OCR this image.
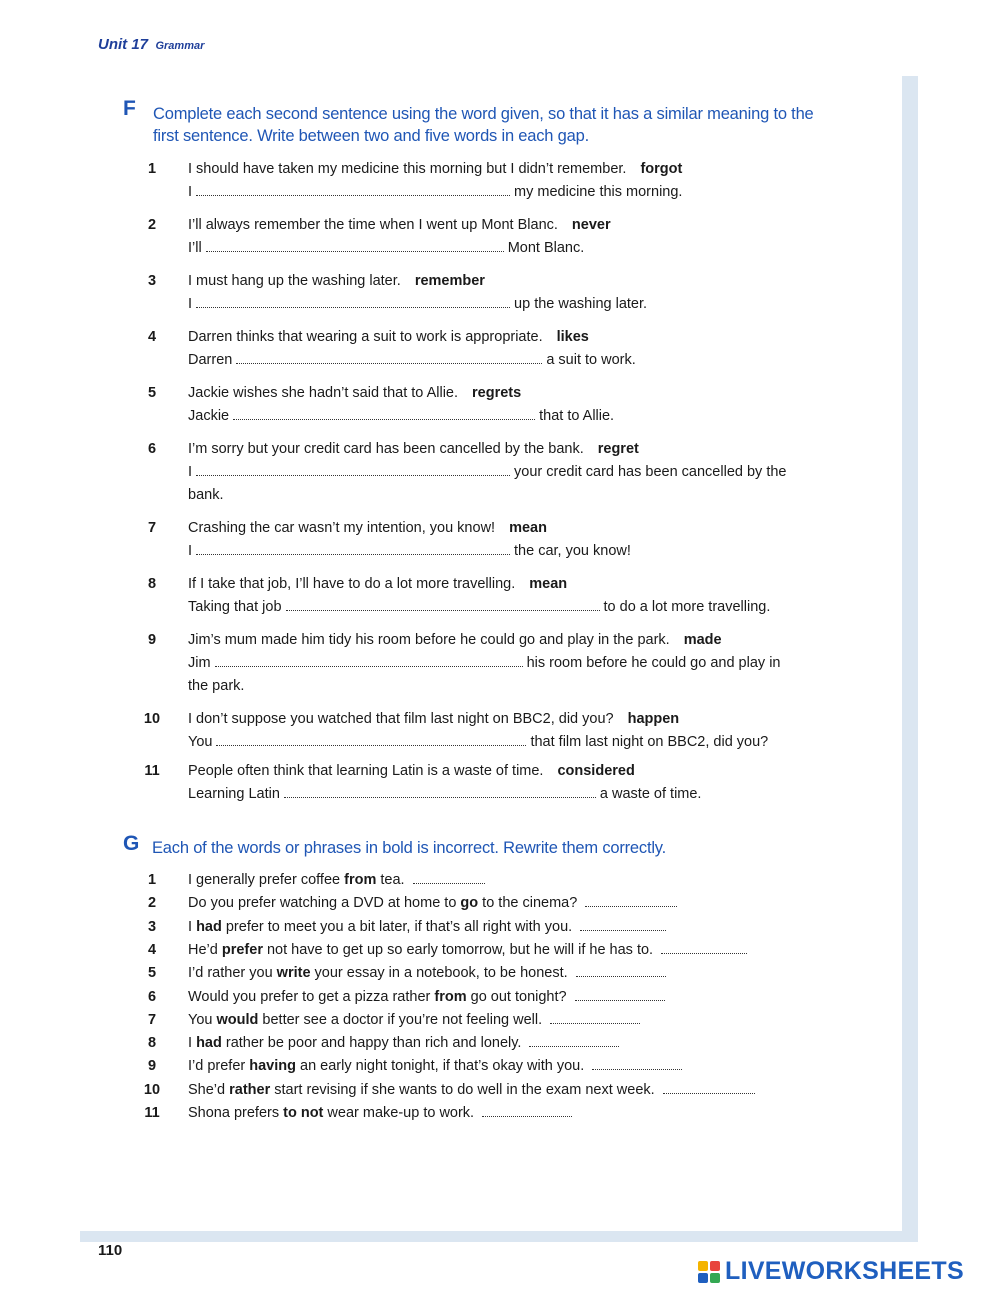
Unit 17 Grammar
F Complete each second sentence using the word given, so that it has a similar meaning to the
first sentence. Write between two and five words in each gap.
1	I should have taken my medicine this morning but I didn’t remember. forgot
I	my medicine this morning.
2	I’ll always remember the time when I went up Mont Blanc. never
I’ll	Mont Blanc.
3	I must hang up the washing later. remember
I	up the washing later.
4	Darren thinks that wearing a suit to work is appropriate. likes
Darren	a suit to work.
5	Jackie wishes she hadn’t said that to Allie. regrets
Jackie	that to Allie.
6	I’m sorry but your credit card has been cancelled by the bank. regret
I	your credit card has been cancelled by the
bank.
7	Crashing the car wasn’t my intention, you know! mean
I	the car, you know!
8	If I take that job, I’ll have to do a lot more travelling. mean
Taking that job	to do a lot more travelling.
9	Jim’s mum made him tidy his room before he could go and play in the park. made
Jim	his room before he could go and play in
the park.
10 I don’t suppose you watched that film last night on BBC2, did you? happen
You	that film last night on BBC2, did you?
11 People often think that learning Latin is a waste of time. considered
Learning Latin	a waste of time.
G Each of the words or phrases in bold is incorrect. Rewrite them correctly.
1	I generally prefer coffee from tea.
2	Do you prefer watching a DVD at home to go to the cinema?
3	I had prefer to meet you a bit later, if that’s all right with you.
4	He’d prefer not have to get up so early tomorrow, but he will if he has to.
5	I’d rather you write your essay in a notebook, to be honest.
6	Would you prefer to get a pizza rather from go out tonight?
7	You would better see a doctor if you’re not feeling well.
8	I had rather be poor and happy than rich and lonely.
9	I’d prefer having an early night tonight, if that’s okay with you.
10 She’d rather start revising if she wants to do well in the exam next week.
11 Shona prefers to not wear make-up to work.
110
LIVEWORKSHEETS
